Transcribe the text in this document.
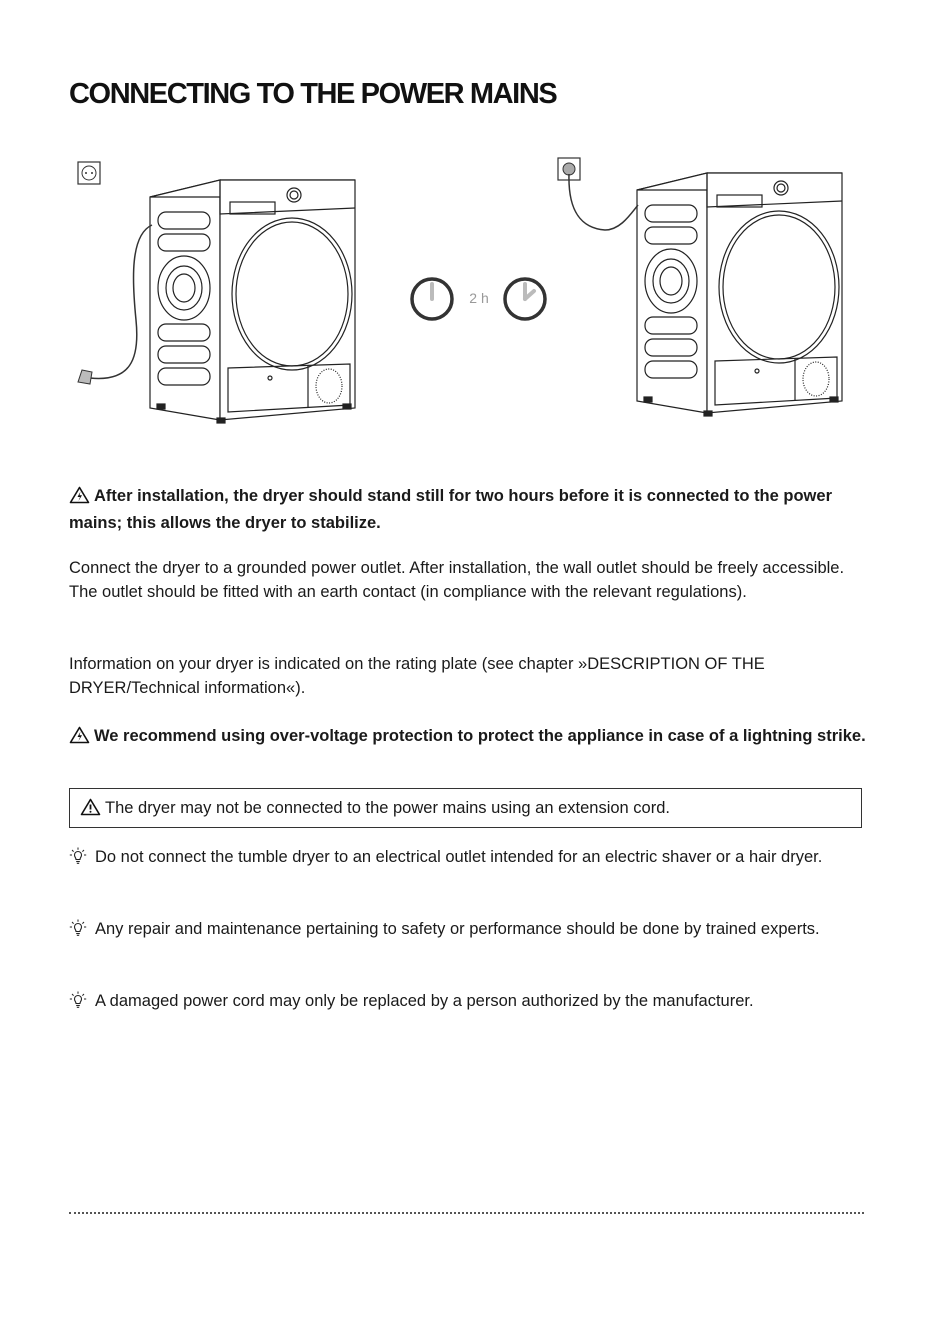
CONNECTING TO THE POWER MAINS
2 h

After installation, the dryer should stand still for two hours before it is connected to the power mains; this allows the dryer to stabilize.

Connect the dryer to a grounded power outlet. After installation, the wall outlet should be freely accessible. The outlet should be fitted with an earth contact (in compliance with the relevant regulations).

Information on your dryer is indicated on the rating plate (see chapter »DESCRIPTION OF THE DRYER/Technical information«).

We recommend using over-voltage protection to protect the appliance in case of a lightning strike.

The dryer may not be connected to the power mains using an extension cord.

Do not connect the tumble dryer to an electrical outlet intended for an electric shaver or a hair dryer.

Any repair and maintenance pertaining to safety or performance should be done by trained experts.

A damaged power cord may only be replaced by a person authorized by the manufacturer.
